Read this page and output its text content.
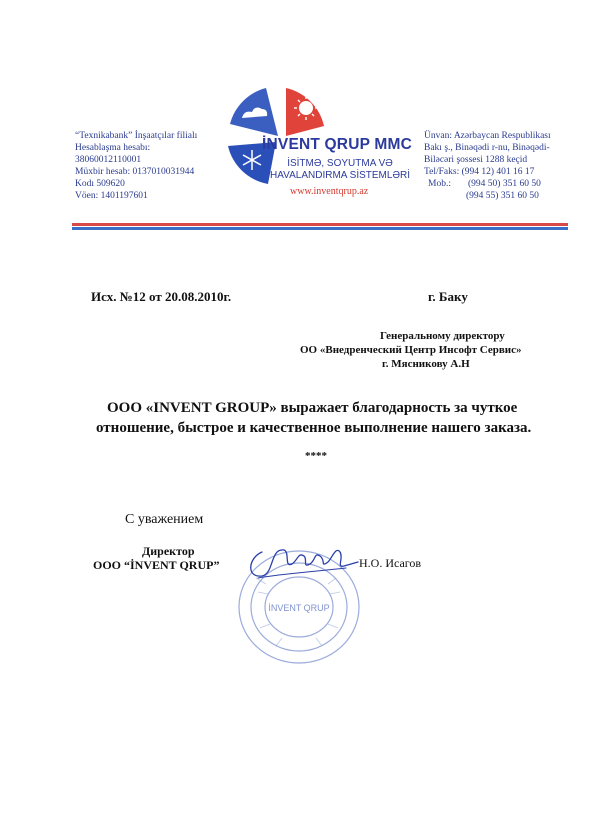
“Texnikabank” İnşaatçılar filialı
Hesablaşma hesabı:
38060012110001
Müxbir hesab: 0137010031944
Kodı 509620
Vöen: 1401197601
İNVENT QRUP MMC
İSİTMƏ, SOYUTMA VƏ
HAVALANDIRMA SİSTEMLƏRİ
www.inventqrup.az
Ünvan: Azərbaycan Respublikası
Bakı ş., Binəqədi r-nu, Binəqədi-
Biləcəri şossesi 1288 keçid
Tel/Faks:
(994 12) 401 16 17
Mob.:	(994 50) 351 60 50
(994 55) 351 60 50
Исх. №12 от 20.08.2010г.	г. Баку
Генеральному директору
ОО «Внедренческий Центр Инсофт Сервис»
г. Мясникову А.Н
ООО «INVENT GROUP» выражает благодарность за чуткое
отношение, быстрое и качественное выполнение нашего заказа.
****
С уважением
Директор
ООО “İNVENT QRUP”	Н.О. Исагов
İNVENT QRUP
